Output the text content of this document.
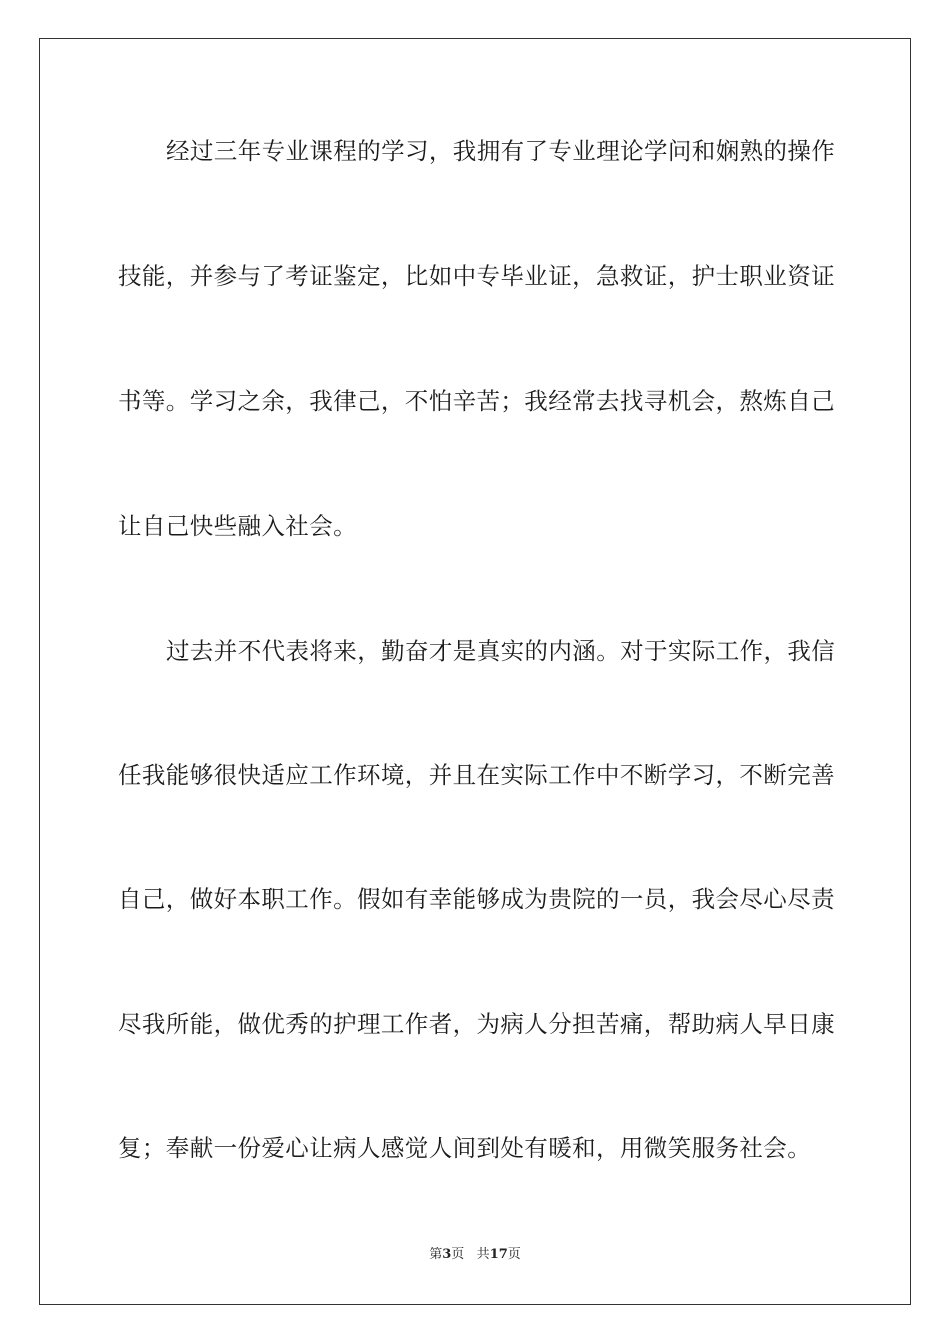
经过三年专业课程的学习，我拥有了专业理论学问和娴熟的操作
技能，并参与了考证鉴定，比如中专毕业证，急救证，护士职业资证
书等。学习之余，我律己，不怕辛苦；我经常去找寻机会，熬炼自己
让自己快些融入社会。
过去并不代表将来，勤奋才是真实的内涵。对于实际工作，我信
任我能够很快适应工作环境，并且在实际工作中不断学习，不断完善
自己，做好本职工作。假如有幸能够成为贵院的一员，我会尽心尽责
尽我所能，做优秀的护理工作者，为病人分担苦痛，帮助病人早日康
复；奉献一份爱心让病人感觉人间到处有暖和，用微笑服务社会。
第3页 共17页
